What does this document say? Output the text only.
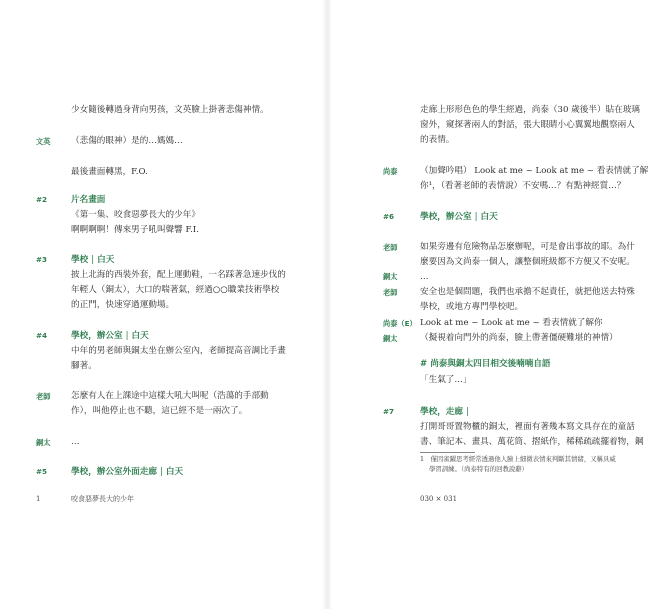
少女隨後轉過身背向男孩，文英臉上掛著悲傷神情。
文英 （悲傷的眼神）是的…媽媽…
最後畫面轉黑，F.O.
#2	片名畫面
《第一集、咬食惡夢長大的少年》
啊啊啊啊！傳來男子吼叫聲響 F.I.
#3	學校 | 白天
披上北海的西裝外套，配上運動鞋，一名踩著急速步伐的
年輕人（銅太），大口的喘著氣，經過○○職業技術學校
的正門，快速穿過運動場。
#4	學校，辦公室 | 白天
中年的男老師與銅太坐在辦公室內，老師提高音調比手畫
腳著。
老師 怎麼有人在上課途中這樣大吼大叫呢（浩蕩的手部動
作），叫他停止也不聽，這已經不是一兩次了。
銅太 …
#5	學校，辦公室外面走廊 | 白天
1	咬食惡夢長大的少年
走廊上形形色色的學生經過，尚泰（30 歲後半）貼在玻璃
窗外，窺探著兩人的對話，張大眼睛小心翼翼地觀察兩人
的表情。
尚泰	（加聲吟唱） Look at me ~ Look at me ~ 看表情就了解
你¹，（看著老師的表情說）不安嗎…？有點神經質…？
#6	學校，辦公室 | 白天
老師	如果旁邊有危險物品怎麼辦呢，可是會出事故的耶。為什
麼要因為文尚泰一個人，讓整個班級都不方便又不安呢。
銅太	…
老師	安全也是個問題，我們也承擔不起責任，就把他送去特殊
學校，或地方專門學校吧。
尚泰（E） Look at me ~ Look at me ~ 看表情就了解你
銅太	（擬視着向門外的尚泰，臉上帶著僵硬難堪的神情）
# 尚泰與銅太四目相交後喃喃自語
「生氣了…」
#7	學校，走廊 |
打開哥哥置物櫃的銅太，裡面有著幾本寫文具存在的童話
書、筆記本、畫具、萬花筒、摺紙作，稀稀疏疏擺着物，鋼
1　僅因雀躍思考經常透過他人臉上細微表情來判斷其情緒，又稱具威
學習訓練。（尚泰特有的回教說辭）
030 × 031
